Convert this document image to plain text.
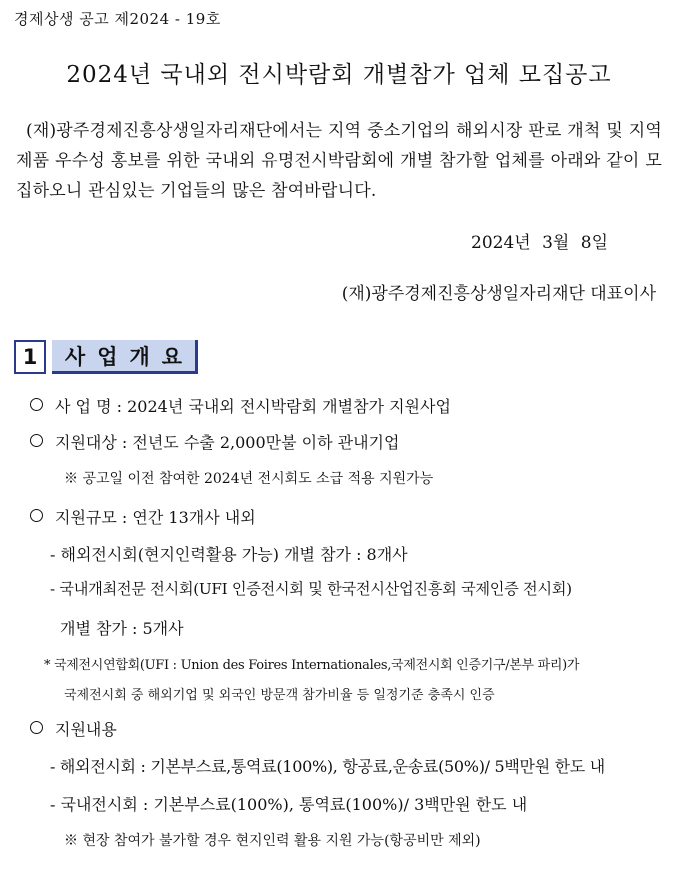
경제상생 공고 제2024 - 19호
2024년 국내외 전시박람회 개별참가 업체 모집공고

(재)광주경제진흥상생일자리재단에서는 지역 중소기업의 해외시장 판로 개척 및 지역제품 우수성 홍보를 위한 국내외 유명전시박람회에 개별 참가할 업체를 아래와 같이 모집하오니 관심있는 기업들의 많은 참여바랍니다.

2024년 3월 8일
(재)광주경제진흥상생일자리재단 대표이사
1	사업개요
사 업 명 : 2024년 국내외 전시박람회 개별참가 지원사업
지원대상 : 전년도 수출 2,000만불 이하 관내기업
※ 공고일 이전 참여한 2024년 전시회도 소급 적용 지원가능
지원규모 : 연간 13개사 내외
- 해외전시회(현지인력활용 가능) 개별 참가 : 8개사
- 국내개최전문 전시회(UFI 인증전시회 및 한국전시산업진흥회 국제인증 전시회)
개별 참가 : 5개사
* 국제전시연합회(UFI : Union des Foires Internationales,국제전시회 인증기구/본부 파리)가
국제전시회 중 해외기업 및 외국인 방문객 참가비율 등 일정기준 충족시 인증
지원내용
- 해외전시회 : 기본부스료,통역료(100%), 항공료,운송료(50%)/ 5백만원 한도 내
- 국내전시회 : 기본부스료(100%), 통역료(100%)/ 3백만원 한도 내
※ 현장 참여가 불가할 경우 현지인력 활용 지원 가능(항공비만 제외)
